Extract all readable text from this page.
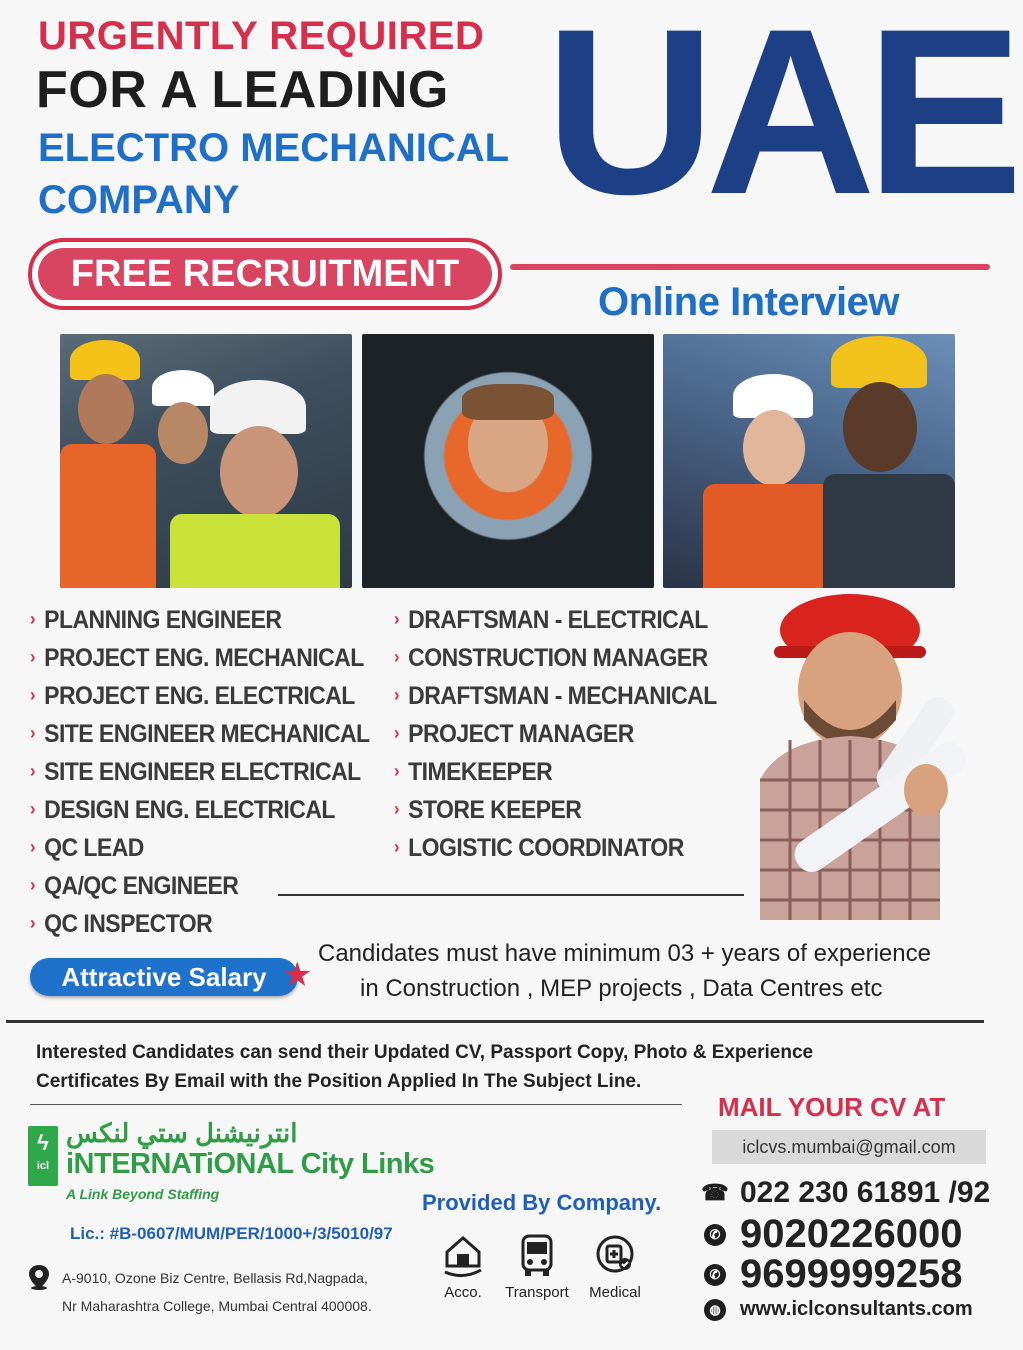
URGENTLY REQUIRED
FOR A LEADING
ELECTRO MECHANICAL
COMPANY UAE
FREE RECRUITMENT
Online Interview
› PLANNING ENGINEER
› PROJECT ENG. MECHANICAL
› PROJECT ENG. ELECTRICAL
› SITE ENGINEER MECHANICAL
› SITE ENGINEER ELECTRICAL
› DESIGN ENG. ELECTRICAL
› QC LEAD
› QA/QC ENGINEER
› QC INSPECTOR
› DRAFTSMAN - ELECTRICAL
› CONSTRUCTION MANAGER
› DRAFTSMAN - MECHANICAL
› PROJECT MANAGER
› TIMEKEEPER
› STORE KEEPER
› LOGISTIC COORDINATOR
Attractive Salary ★
Candidates must have minimum 03 + years of experience
in Construction , MEP projects , Data Centres etc
Interested Candidates can send their Updated CV, Passport Copy, Photo & Experience Certificates By Email with the Position Applied In The Subject Line.
ϟ
icl
انترنيشنل ستي لنكس
iNTERNATiONAL City Links
A Link Beyond Staffing
Lic.: #B-0607/MUM/PER/1000+/3/5010/97
A-9010, Ozone Biz Centre, Bellasis Rd,Nagpada,
Nr Maharashtra College, Mumbai Central 400008.
Provided By Company.
Acco.	Transport	Medical
MAIL YOUR CV AT
iclcvs.mumbai@gmail.com
☎ 022 230 61891 /92
✆ 9020226000
✆ 9699999258
◍ www.iclconsultants.com
